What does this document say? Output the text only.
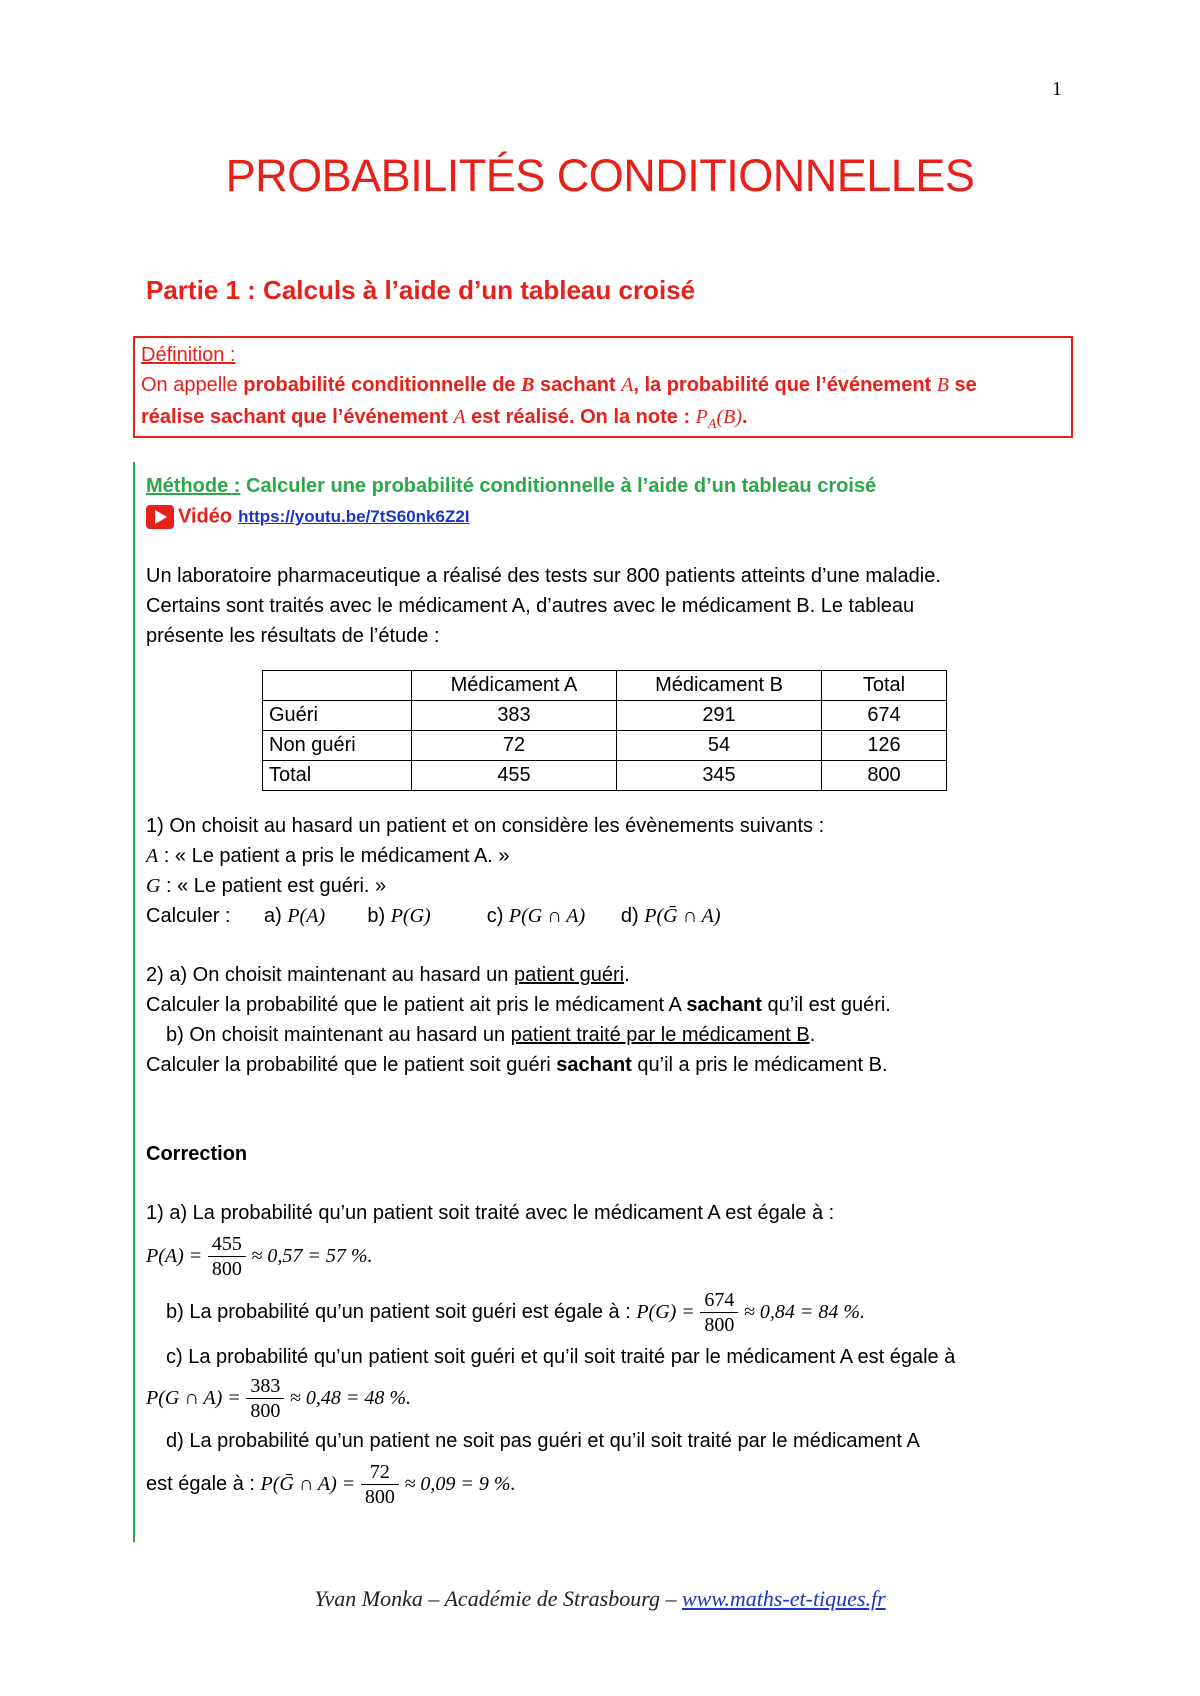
1
PROBABILITÉS CONDITIONNELLES
Partie 1 : Calculs à l’aide d’un tableau croisé
Définition :
On appelle probabilité conditionnelle de B sachant A, la probabilité que l’événement B se
réalise sachant que l’événement A est réalisé. On la note : $P_A(B)$.
Méthode : Calculer une probabilité conditionnelle à l’aide d’un tableau croisé
Vidéo https://youtu.be/7tS60nk6Z2I
Un laboratoire pharmaceutique a réalisé des tests sur 800 patients atteints d’une maladie.
Certains sont traités avec le médicament A, d’autres avec le médicament B. Le tableau
présente les résultats de l’étude :
	Médicament A	Médicament B	Total
Guéri	383	291	674
Non guéri	72	54	126
Total	455	345	800
1) On choisit au hasard un patient et on considère les évènements suivants :
A : « Le patient a pris le médicament A. »
G : « Le patient est guéri. »
Calculer : a) P(A) b) P(G)	c) P(G ∩ A) d) P(Ḡ ∩ A)
2) a) On choisit maintenant au hasard un patient guéri.
Calculer la probabilité que le patient ait pris le médicament A sachant qu’il est guéri.
b) On choisit maintenant au hasard un patient traité par le médicament B.
Calculer la probabilité que le patient soit guéri sachant qu’il a pris le médicament B.
Correction
1) a) La probabilité qu’un patient soit traité avec le médicament A est égale à :
$P(A) = \frac{455}{800} \approx 0,57 = 57$ %.
b) La probabilité qu’un patient soit guéri est égale à : $P(G) = \frac{674}{800} \approx 0,84 = 84$ %.
c) La probabilité qu’un patient soit guéri et qu’il soit traité par le médicament A est égale à
P(G ∩ $A) = \frac{383}{800} \approx 0,48 = 48$ %.
d) La probabilité qu’un patient ne soit pas guéri et qu’il soit traité par le médicament A
est égale à : P(Ḡ ∩ $A) = \frac{72}{800} \approx 0,09 = 9$ %.
Yvan Monka – Académie de Strasbourg – www.maths-et-tiques.fr
